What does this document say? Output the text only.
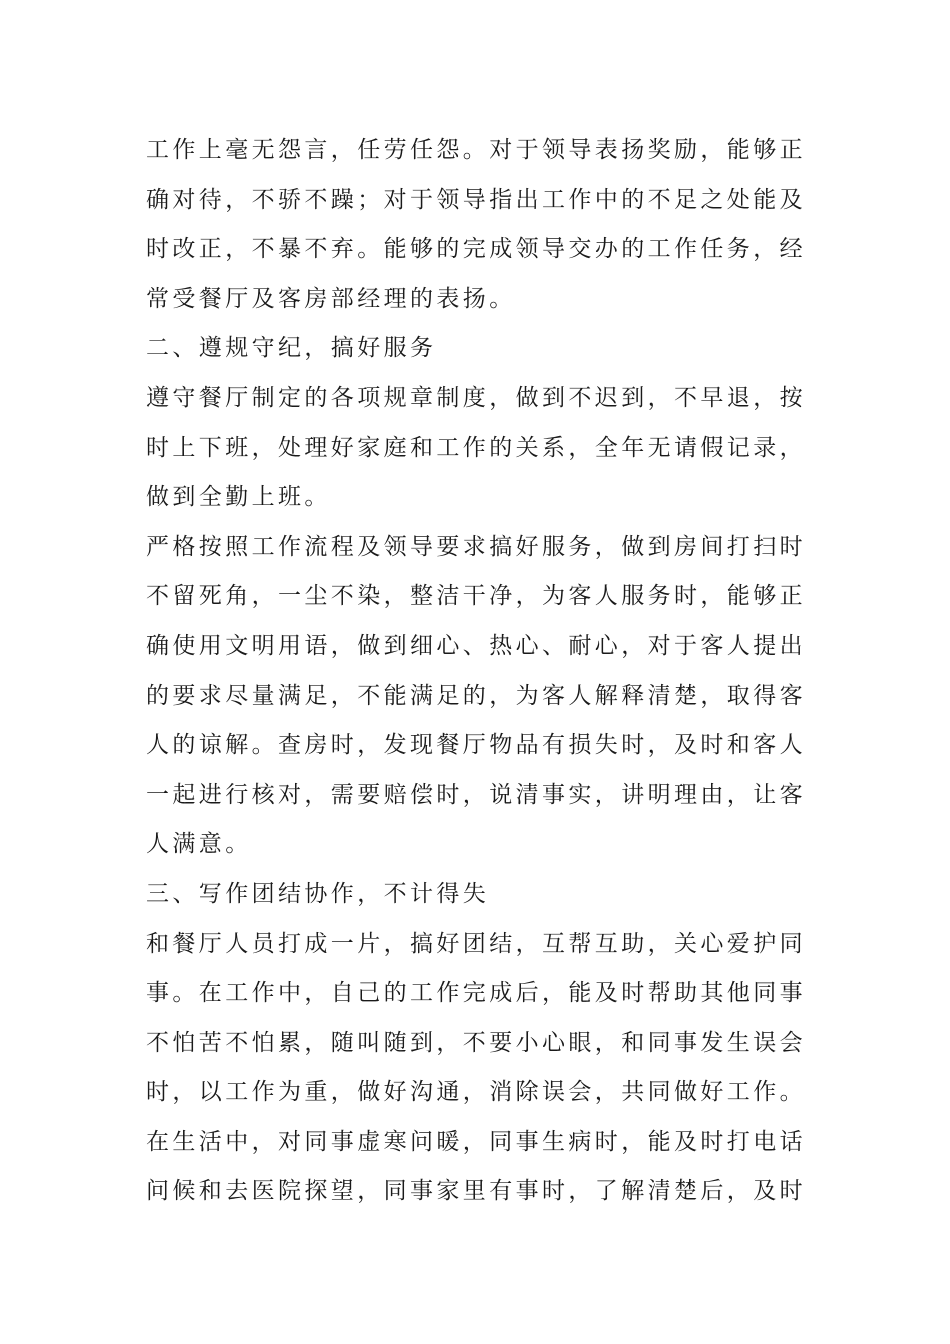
工作上毫无怨言，任劳任怨。对于领导表扬奖励，能够正
确对待，不骄不躁；对于领导指出工作中的不足之处能及
时改正，不暴不弃。能够的完成领导交办的工作任务，经
常受餐厅及客房部经理的表扬。
二、遵规守纪，搞好服务
遵守餐厅制定的各项规章制度，做到不迟到，不早退，按
时上下班，处理好家庭和工作的关系，全年无请假记录，
做到全勤上班。
严格按照工作流程及领导要求搞好服务，做到房间打扫时
不留死角，一尘不染，整洁干净，为客人服务时，能够正
确使用文明用语，做到细心、热心、耐心，对于客人提出
的要求尽量满足，不能满足的，为客人解释清楚，取得客
人的谅解。查房时，发现餐厅物品有损失时，及时和客人
一起进行核对，需要赔偿时，说清事实，讲明理由，让客
人满意。
三、写作团结协作，不计得失
和餐厅人员打成一片，搞好团结，互帮互助，关心爱护同
事。在工作中，自己的工作完成后，能及时帮助其他同事
不怕苦不怕累，随叫随到，不要小心眼，和同事发生误会
时，以工作为重，做好沟通，消除误会，共同做好工作。
在生活中，对同事虚寒问暖，同事生病时，能及时打电话
问候和去医院探望，同事家里有事时，了解清楚后，及时
